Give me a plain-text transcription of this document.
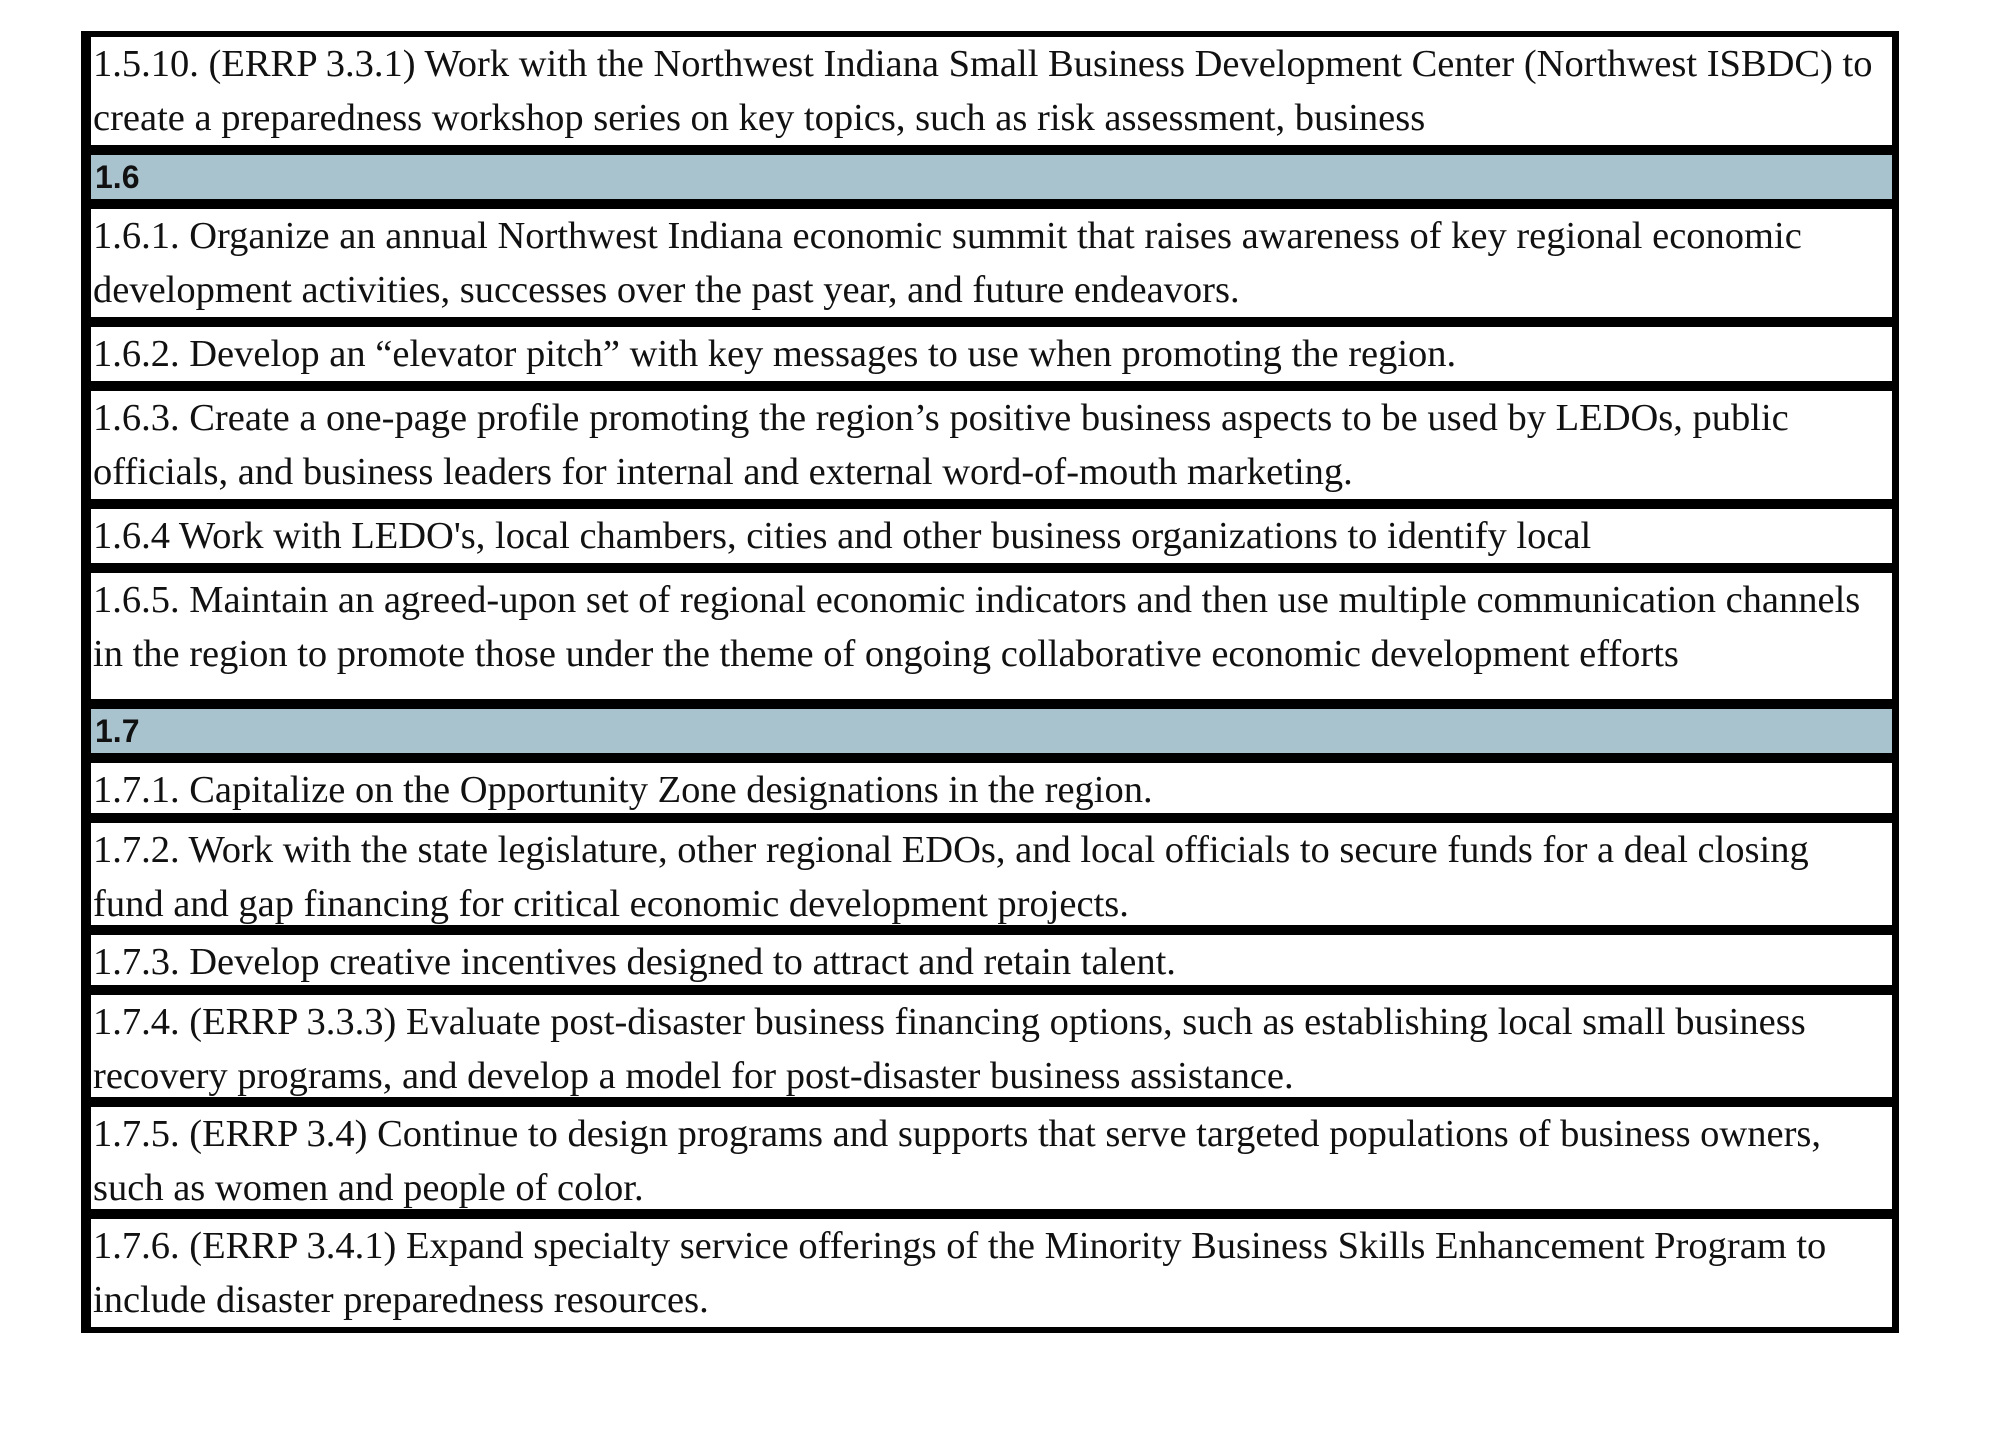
1.5.10. (ERRP 3.3.1) Work with the Northwest Indiana Small Business Development Center (Northwest ISBDC) to create a preparedness workshop series on key topics, such as risk assessment, business
1.6
1.6.1. Organize an annual Northwest Indiana economic summit that raises awareness of key regional economic development activities, successes over the past year, and future endeavors.
1.6.2. Develop an “elevator pitch” with key messages to use when promoting the region.
1.6.3. Create a one-page profile promoting the region’s positive business aspects to be used by LEDOs, public officials, and business leaders for internal and external word-of-mouth marketing.
1.6.4 Work with LEDO's, local chambers, cities and other business organizations to identify local
1.6.5. Maintain an agreed-upon set of regional economic indicators and then use multiple communication channels in the region to promote those under the theme of ongoing collaborative economic development efforts
1.7
1.7.1. Capitalize on the Opportunity Zone designations in the region.
1.7.2. Work with the state legislature, other regional EDOs, and local officials to secure funds for a deal closing fund and gap financing for critical economic development projects.
1.7.3. Develop creative incentives designed to attract and retain talent.
1.7.4. (ERRP 3.3.3) Evaluate post-disaster business financing options, such as establishing local small business recovery programs, and develop a model for post-disaster business assistance.
1.7.5. (ERRP 3.4) Continue to design programs and supports that serve targeted populations of business owners, such as women and people of color.
1.7.6. (ERRP 3.4.1) Expand specialty service offerings of the Minority Business Skills Enhancement Program to include disaster preparedness resources.
